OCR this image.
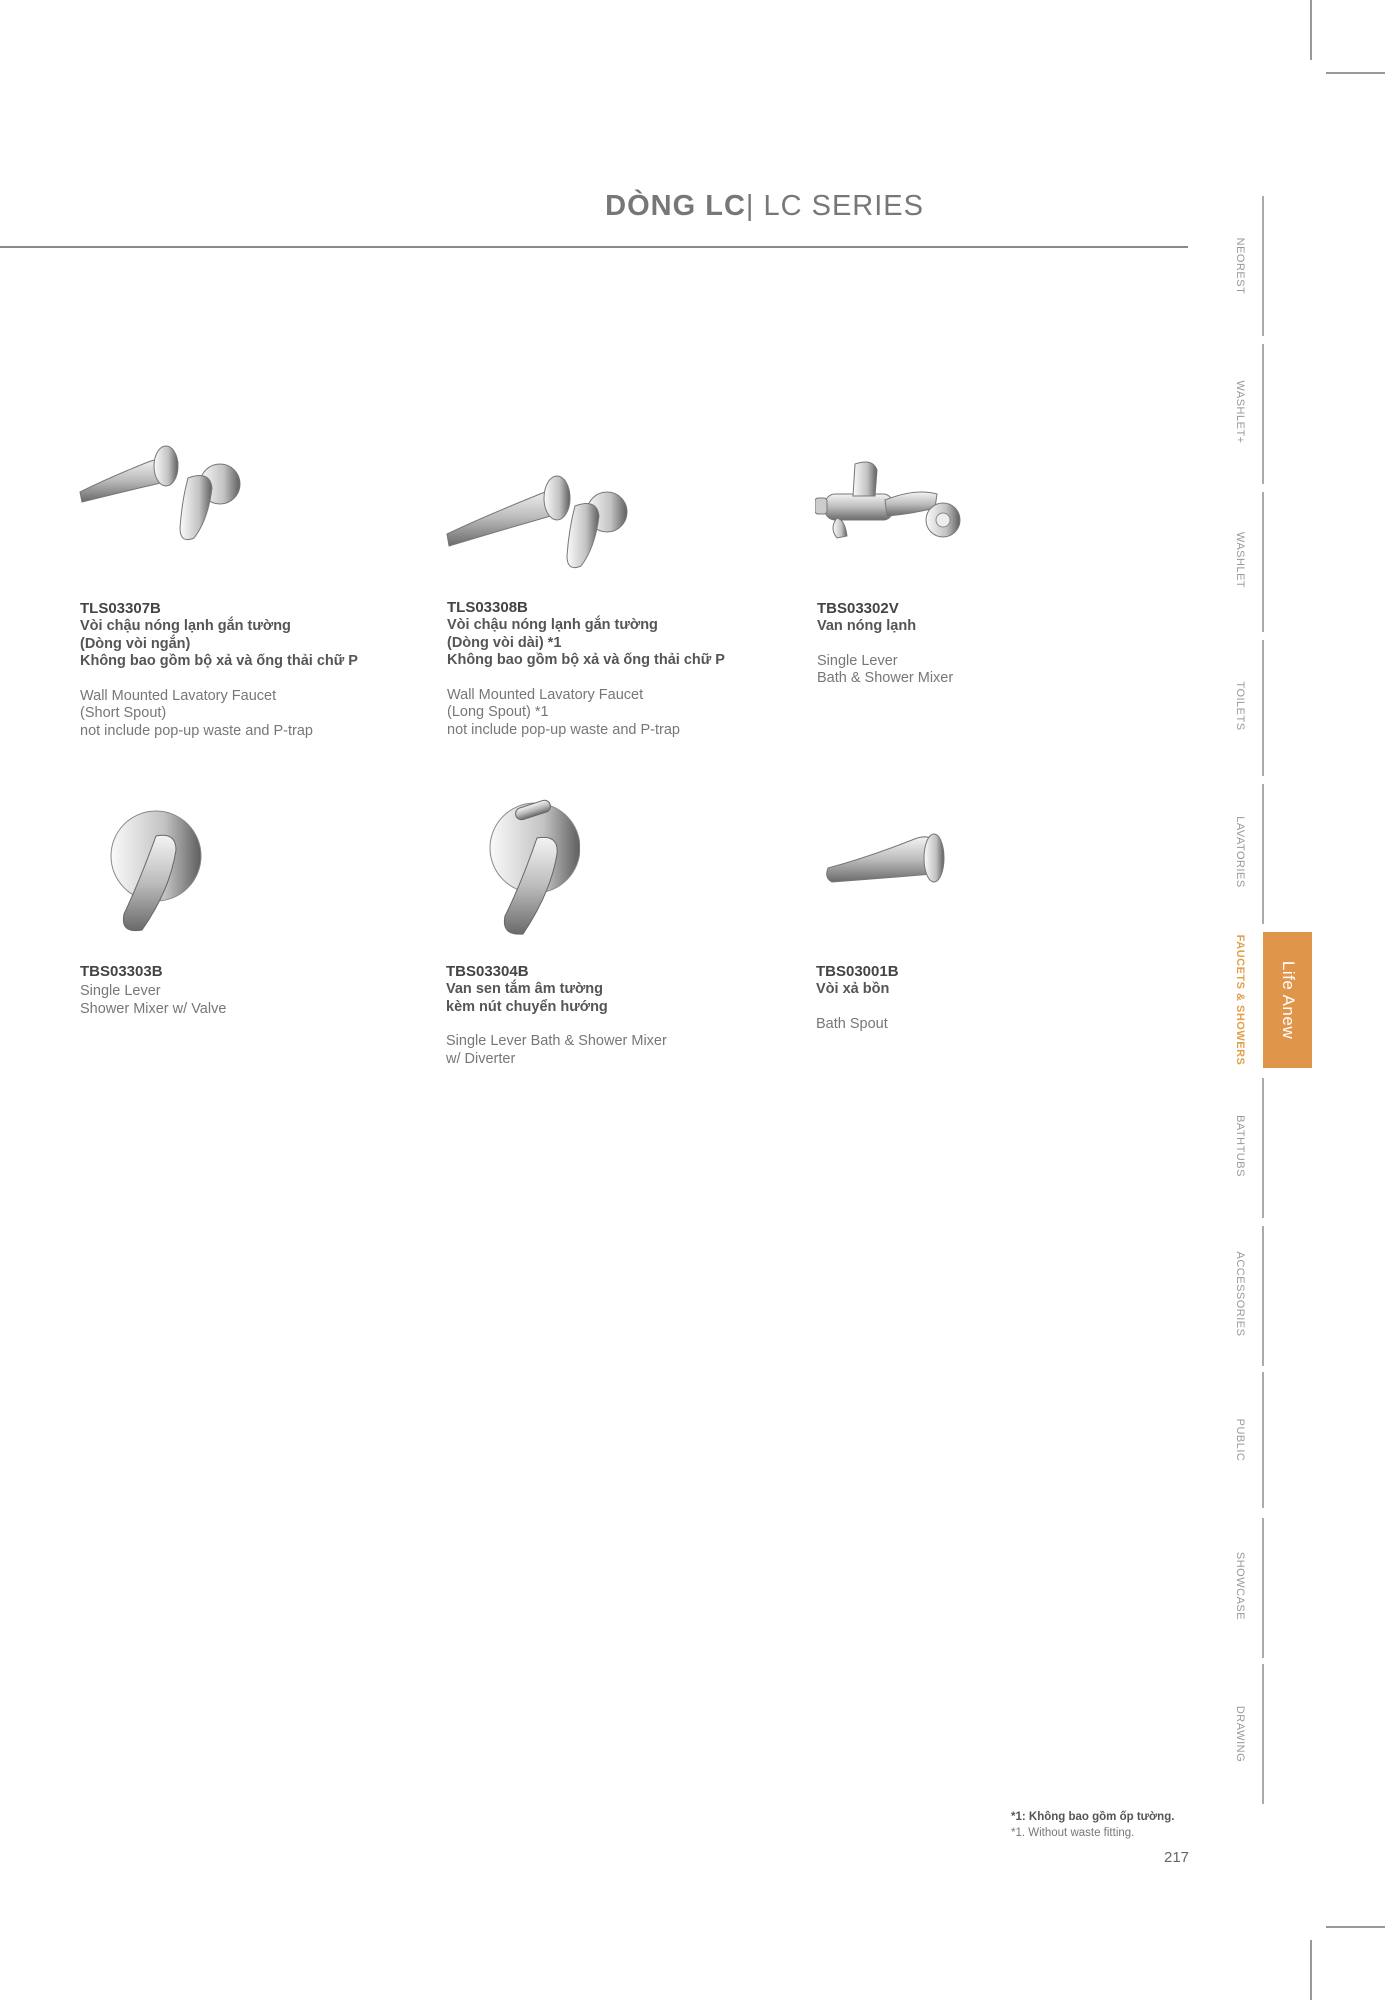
DÒNG LC| LC SERIES
TLS03307B
Vòi chậu nóng lạnh gắn tường
(Dòng vòi ngắn)
Không bao gồm bộ xả và ống thải chữ P
Wall Mounted Lavatory Faucet
(Short Spout)
not include pop-up waste and P-trap
TLS03308B
Vòi chậu nóng lạnh gắn tường
(Dòng vòi dài) *1
Không bao gồm bộ xả và ống thải chữ P
Wall Mounted Lavatory Faucet
(Long Spout) *1
not include pop-up waste and P-trap
TBS03302V
Van nóng lạnh
Single Lever
Bath & Shower Mixer
TBS03303B
Single Lever
Shower Mixer w/ Valve
TBS03304B
Van sen tắm âm tường
kèm nút chuyển hướng
Single Lever Bath & Shower Mixer
w/ Diverter
TBS03001B
Vòi xả bồn
Bath Spout
NEOREST
WASHLET+
WASHLET
TOILETS
LAVATORIES
FAUCETS & SHOWERS Life Anew
BATHTUBS
ACCESSORIES
PUBLIC
SHOWCASE
DRAWING
*1: Không bao gồm ốp tường.
*1. Without waste fitting.
217
